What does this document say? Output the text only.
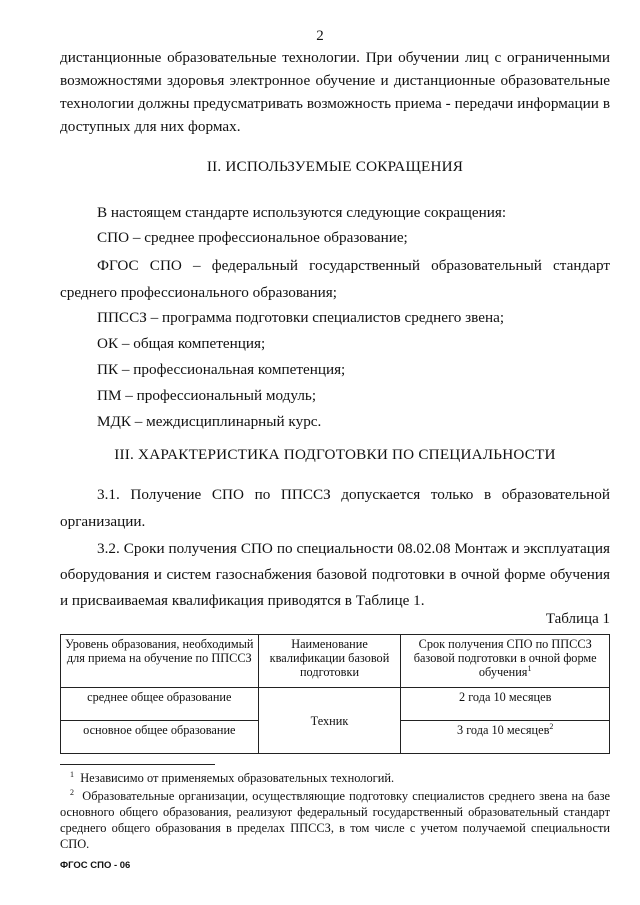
2

дистанционные образовательные технологии. При обучении лиц с ограниченными возможностями здоровья электронное обучение и дистанционные образовательные технологии должны предусматривать возможность приема - передачи информации в доступных для них формах.

II. ИСПОЛЬЗУЕМЫЕ СОКРАЩЕНИЯ
В настоящем стандарте используются следующие сокращения:
СПО – среднее профессиональное образование;

ФГОС СПО – федеральный государственный образовательный стандарт среднего профессионального образования;

ППССЗ – программа подготовки специалистов среднего звена;
ОК – общая компетенция;
ПК – профессиональная компетенция;
ПМ – профессиональный модуль;
МДК – междисциплинарный курс.
III. ХАРАКТЕРИСТИКА ПОДГОТОВКИ ПО СПЕЦИАЛЬНОСТИ

3.1. Получение СПО по ППССЗ допускается только в образовательной организации.

3.2. Сроки получения СПО по специальности 08.02.08 Монтаж и эксплуатация оборудования и систем газоснабжения базовой подготовки в очной форме обучения и присваиваемая квалификация приводятся в Таблице 1.

Таблица 1
Уровень образования, необходимый для приема на обучение по ППССЗ	Наименование квалификации базовой подготовки	Срок получения СПО по ППССЗ базовой подготовки в очной форме обучения$^1$
среднее общее образование	Техник	2 года 10 месяцев
основное общее образование		3 года 10 месяцев$^2$

$^1$ Независимо от применяемых образовательных технологий.

$^2$ Образовательные организации, осуществляющие подготовку специалистов среднего звена на базе основного общего образования, реализуют федеральный государственный образовательный стандарт среднего общего образования в пределах ППССЗ, в том числе с учетом получаемой специальности СПО.

ФГОС СПО - 06
